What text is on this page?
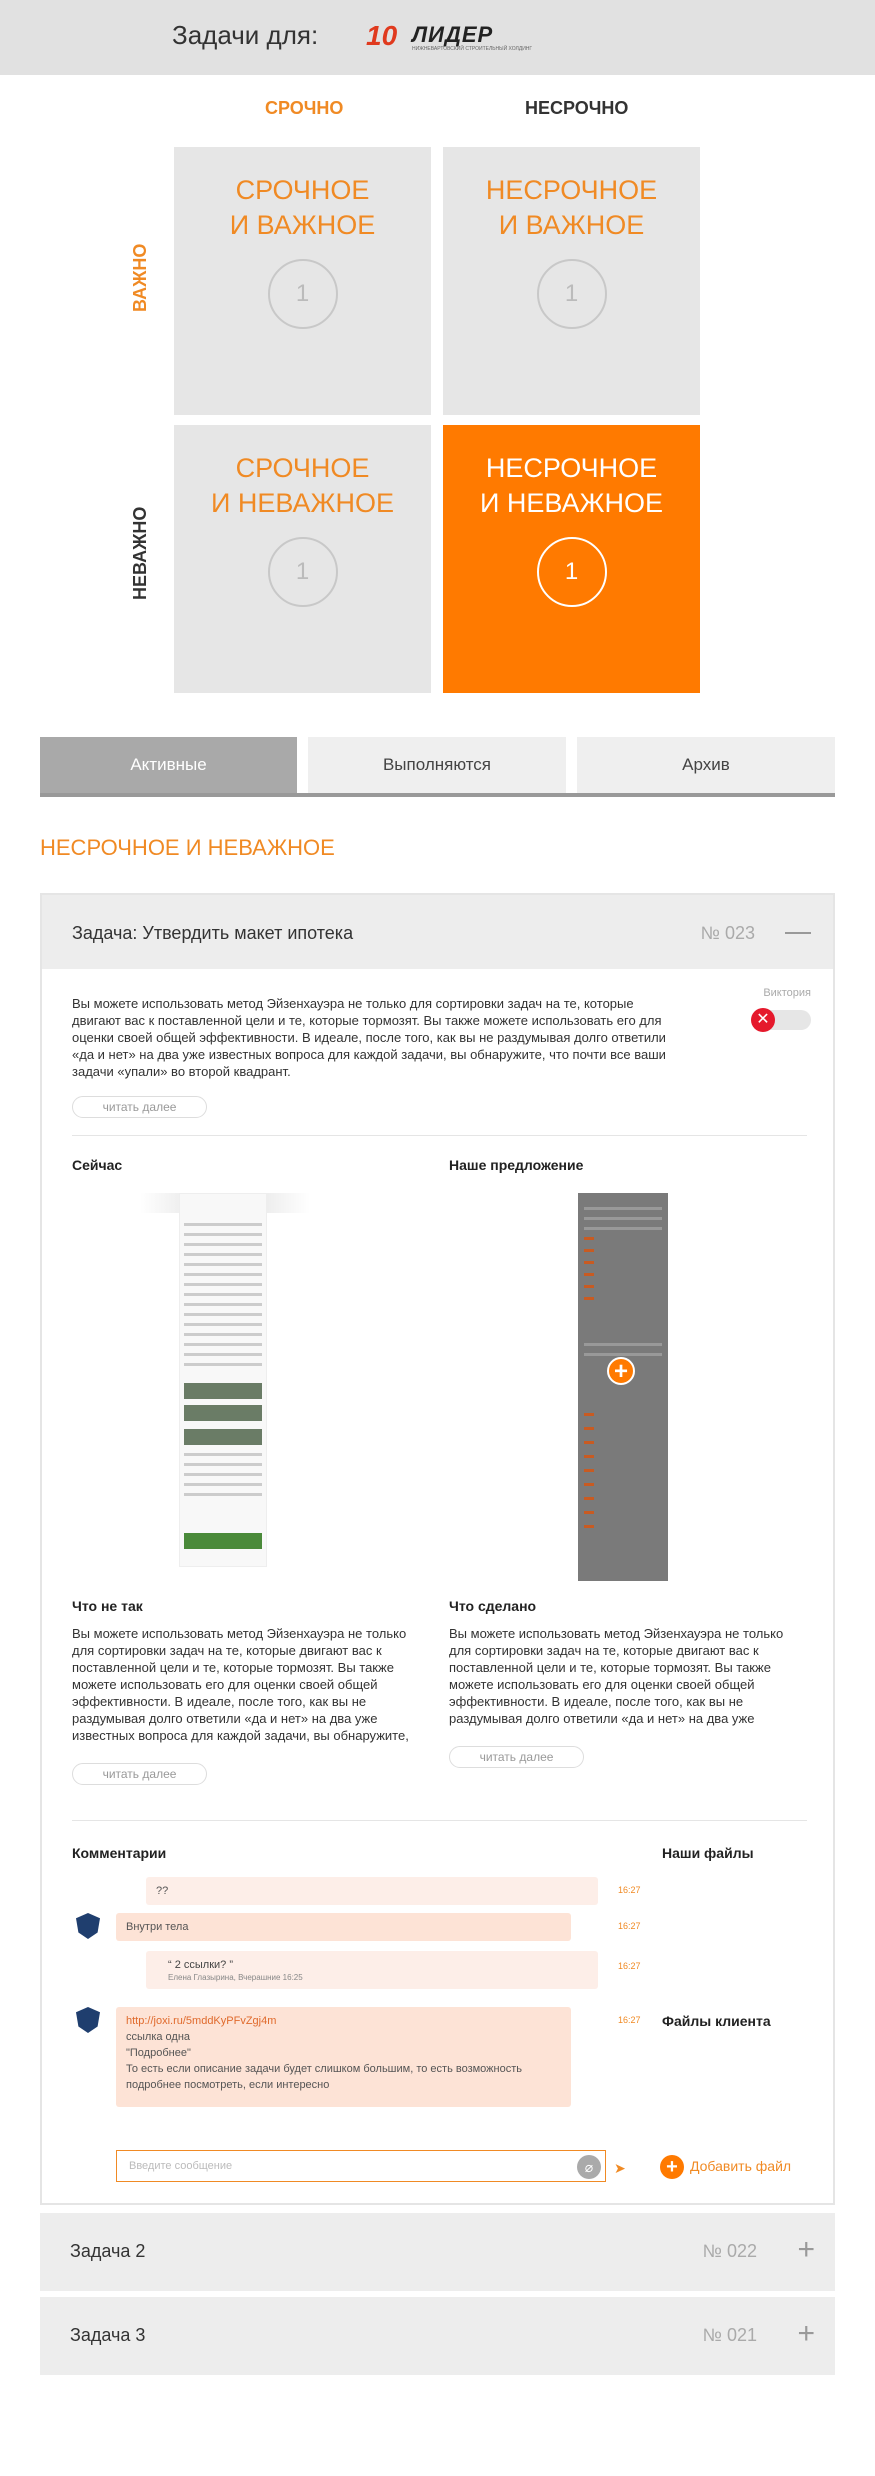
Задачи для: 10 ЛИДЕР
НИЖНЕВАРТОВСКИЙ СТРОИТЕЛЬНЫЙ ХОЛДИНГ
СРОЧНО	НЕСРОЧНО
ВАЖНО
НЕВАЖНО
СРОЧНОЕ
И ВАЖНОЕ
1
НЕСРОЧНОЕ
И ВАЖНОЕ
1
СРОЧНОЕ
И НЕВАЖНОЕ
1
НЕСРОЧНОЕ
И НЕВАЖНОЕ
1
Активные	Выполняются	Архив
НЕСРОЧНОЕ И НЕВАЖНОЕ
Задача: Утвердить макет ипотека	№ 023
Вы можете использовать метод Эйзенхауэра не только для сортировки задач на те, которые двигают вас к поставленной цели и те, которые тормозят. Вы также можете использовать его для оценки своей общей эффективности. В идеале, после того, как вы не раздумывая долго ответили «да и нет» на два уже известных вопроса для каждой задачи, вы обнаружите, что почти все ваши задачи «упали» во второй квадрант.
читать далее
Виктория
✕
Сейчас	Наше предложение
+
Что не так	Что сделано
Вы можете использовать метод Эйзенхауэра не только для сортировки задач на те, которые двигают вас к поставленной цели и те, которые тормозят. Вы также можете использовать его для оценки своей общей эффективности. В идеале, после того, как вы не раздумывая долго ответили «да и нет» на два уже известных вопроса для каждой задачи, вы обнаружите,
Вы можете использовать метод Эйзенхауэра не только для сортировки задач на те, которые двигают вас к поставленной цели и те, которые тормозят. Вы также можете использовать его для оценки своей общей эффективности. В идеале, после того, как вы не раздумывая долго ответили «да и нет» на два уже
читать далее
читать далее
Комментарии	Наши файлы
??	16:27
Внутри тела	16:27
“ 2 ссылки? ”
Елена Глазырина, Вчерашние 16:25
16:27
http://joxi.ru/5mddKyPFvZgj4m
ссылка одна
"Подробнее"
То есть если описание задачи будет слишком большим, то есть возможность
подробнее посмотреть, если интересно
16:27 Файлы клиента
Введите сообщение	⌀	➤	+ Добавить файл
Задача 2	№ 022 +
Задача 3	№ 021 +
